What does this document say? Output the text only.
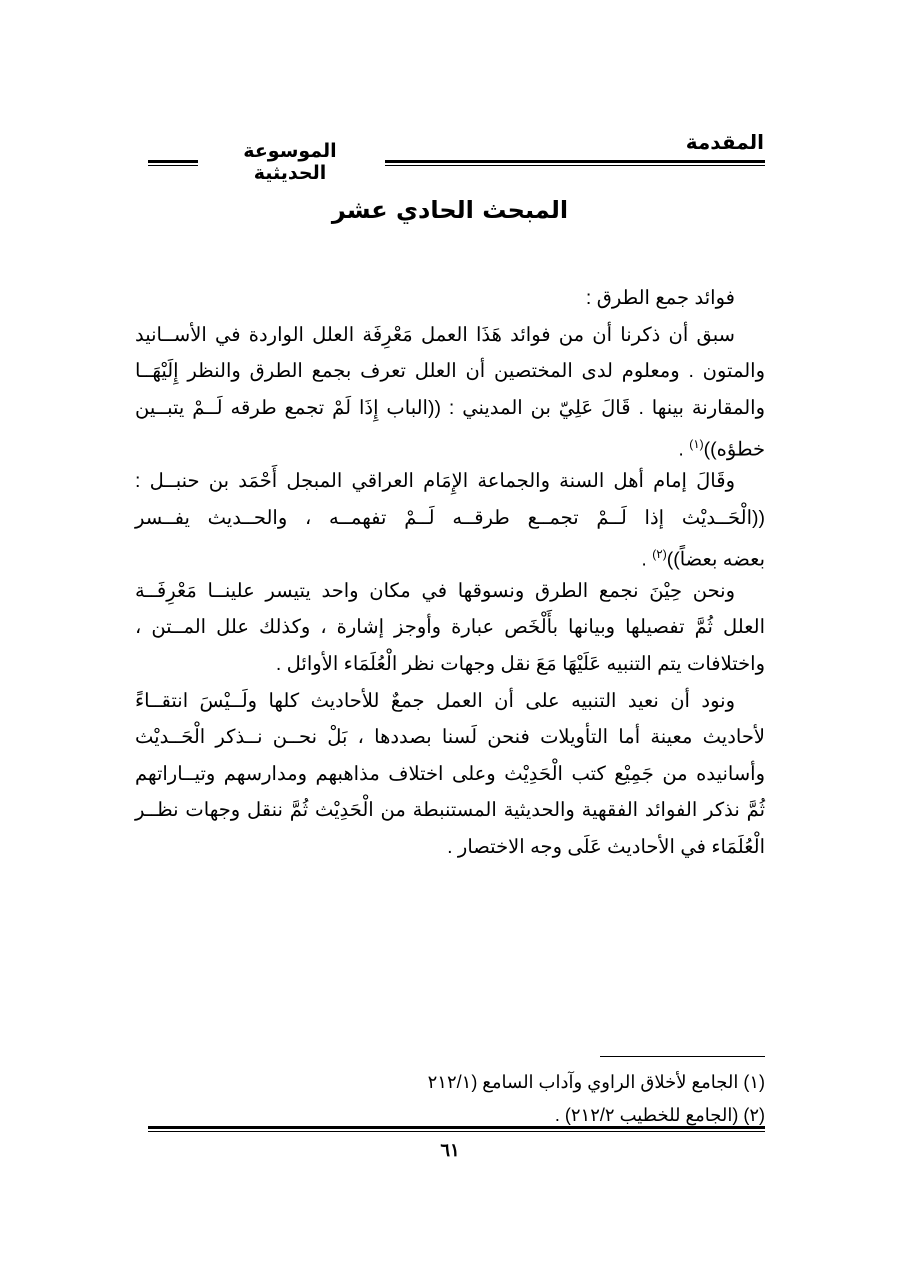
المقدمة
الموسوعة الحديثية
المبحث الحادي عشر
فوائد جمع الطرق :
سبق أن ذكرنا أن من فوائد هَذَا العمل مَعْرِفَة العلل الواردة في الأســانيد
والمتون . ومعلوم لدى المختصين أن العلل تعرف بجمع الطرق والنظر إِلَيْهَــا
والمقارنة بينها . قَالَ عَلِيّ بن المديني : ((الباب إِذَا لَمْ تجمع طرقه لَــمْ يتبــين
خطؤه))$^{(١)}$ .
وقَالَ إمام أهل السنة والجماعة الإِمَام العراقي المبجل أَحْمَد بن حنبــل :
((الْحَــديْث إذا لَــمْ تجمــع طرقــه لَــمْ تفهمــه ، والحــديث يفــسر
بعضه بعضاً))$^{(٢)}$ .
ونحن حِيْنَ نجمع الطرق ونسوقها في مكان واحد يتيسر علينــا مَعْرِفَــة
العلل ثُمَّ تفصيلها وبيانها بأَلْخَص عبارة وأوجز إشارة ، وكذلك علل المــتن ،
واختلافات يتم التنبيه عَلَيْهَا مَعَ نقل وجهات نظر الْعُلَمَاء الأوائل .
ونود أن نعيد التنبيه على أن العمل جمعٌ للأحاديث كلها ولَــيْسَ انتقــاءً
لأحاديث معينة أما التأويلات فنحن لَسنا بصددها ، بَلْ نحــن نــذكر الْحَــديْث
وأسانيده من جَمِيْع كتب الْحَدِيْث وعلى اختلاف مذاهبهم ومدارسهم وتيــاراتهم
ثُمَّ نذكر الفوائد الفقهية والحديثية المستنبطة من الْحَدِيْث ثُمَّ ننقل وجهات نظــر
الْعُلَمَاء في الأحاديث عَلَى وجه الاختصار .
(١) الجامع لأخلاق الراوي وآداب السامع (٢١٢/١
(٢) (الجامع للخطيب ٢١٢/٢) .
٦١
